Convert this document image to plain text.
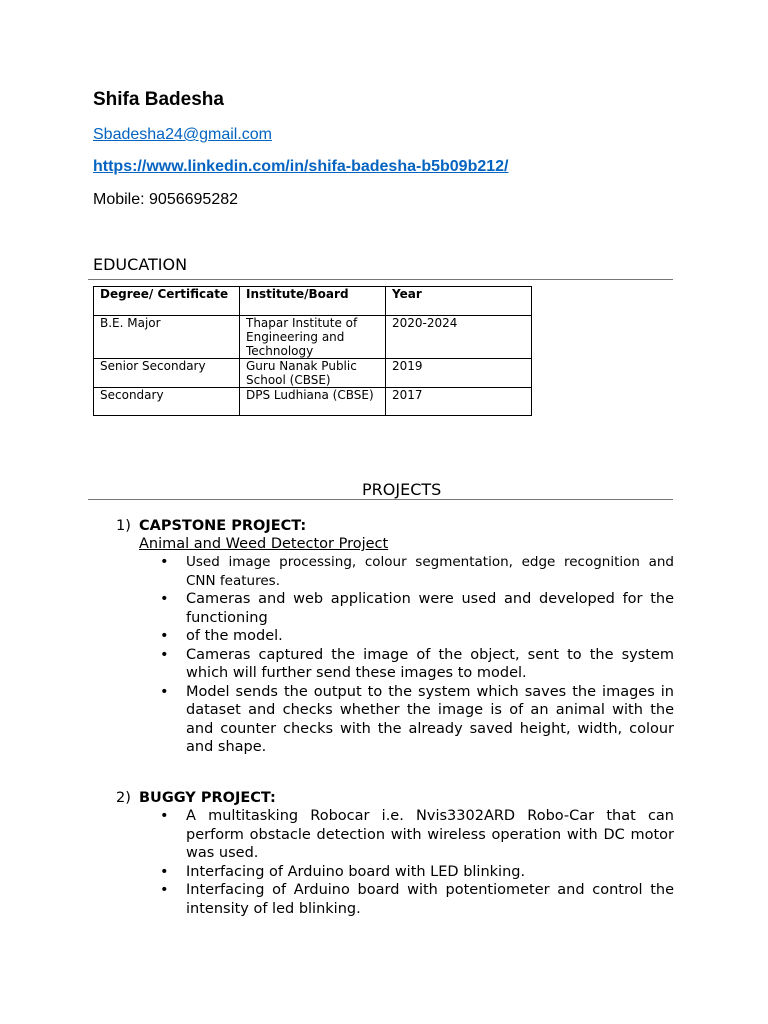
Shifa Badesha
Sbadesha24@gmail.com
https://www.linkedin.com/in/shifa-badesha-b5b09b212/
Mobile: 9056695282
EDUCATION
Degree/ Certificate	Institute/Board	Year
B.E. Major	Thapar Institute of Engineering and Technology	2020-2024
Senior Secondary	Guru Nanak Public School (CBSE)	2019
Secondary	DPS Ludhiana (CBSE)	2017
PROJECTS
1) CAPSTONE PROJECT:
Animal and Weed Detector Project
• Used image processing, colour segmentation, edge recognition and CNN features.
• Cameras and web application were used and developed for the functioning
• of the model.
• Cameras captured the image of the object, sent to the system which will further send these images to model.
• Model sends the output to the system which saves the images in dataset and checks whether the image is of an animal with the and counter checks with the already saved height, width, colour and shape.
2) BUGGY PROJECT:
• A multitasking Robocar i.e. Nvis3302ARD Robo-Car that can perform obstacle detection with wireless operation with DC motor was used.
• Interfacing of Arduino board with LED blinking.
• Interfacing of Arduino board with potentiometer and control the intensity of led blinking.
